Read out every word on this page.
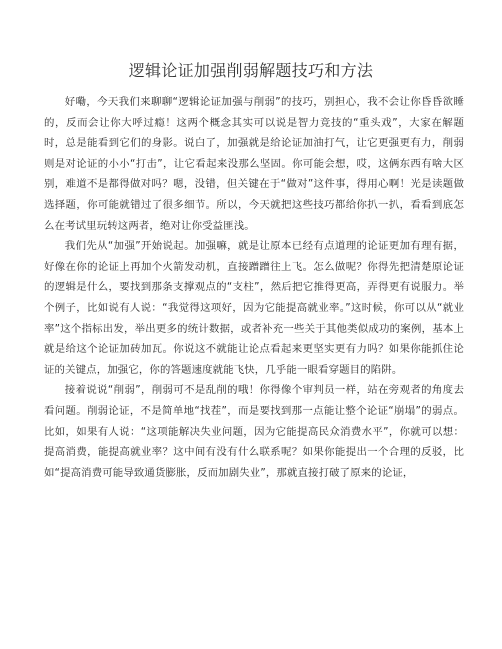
逻辑论证加强削弱解题技巧和方法

好嘞，今天我们来聊聊“逻辑论证加强与削弱”的技巧，别担心，我不会让你昏昏欲睡的，反而会让你大呼过瘾！这两个概念其实可以说是智力竞技的“重头戏”，大家在解题时，总是能看到它们的身影。说白了，加强就是给论证加油打气，让它更强更有力，削弱则是对论证的小小“打击”，让它看起来没那么坚固。你可能会想，哎，这俩东西有啥大区别，难道不是都得做对吗？嗯，没错，但关键在于“做对”这件事，得用心啊！光是读题做选择题，你可能就错过了很多细节。所以，今天就把这些技巧都给你扒一扒，看看到底怎么在考试里玩转这两者，绝对让你受益匪浅。

我们先从“加强”开始说起。加强嘛，就是让原本已经有点道理的论证更加有理有据，好像在你的论证上再加个火箭发动机，直接蹭蹭往上飞。怎么做呢？你得先把清楚原论证的逻辑是什么，要找到那条支撑观点的“支柱”，然后把它推得更高，弄得更有说服力。举个例子，比如说有人说：“我觉得这项好，因为它能提高就业率。”这时候，你可以从“就业率”这个指标出发，举出更多的统计数据，或者补充一些关于其他类似成功的案例，基本上就是给这个论证加砖加瓦。你说这不就能让论点看起来更坚实更有力吗？如果你能抓住论证的关键点，加强它，你的答题速度就能飞快，几乎能一眼看穿题目的陷阱。

接着说说“削弱”，削弱可不是乱削的哦！你得像个审判员一样，站在旁观者的角度去看问题。削弱论证，不是简单地“找茬”，而是要找到那一点能让整个论证“崩塌”的弱点。比如，如果有人说：“这项能解决失业问题，因为它能提高民众消费水平”，你就可以想：提高消费，能提高就业率？这中间有没有什么联系呢？如果你能提出一个合理的反驳，比如“提高消费可能导致通货膨胀，反而加剧失业”，那就直接打破了原来的论证，
